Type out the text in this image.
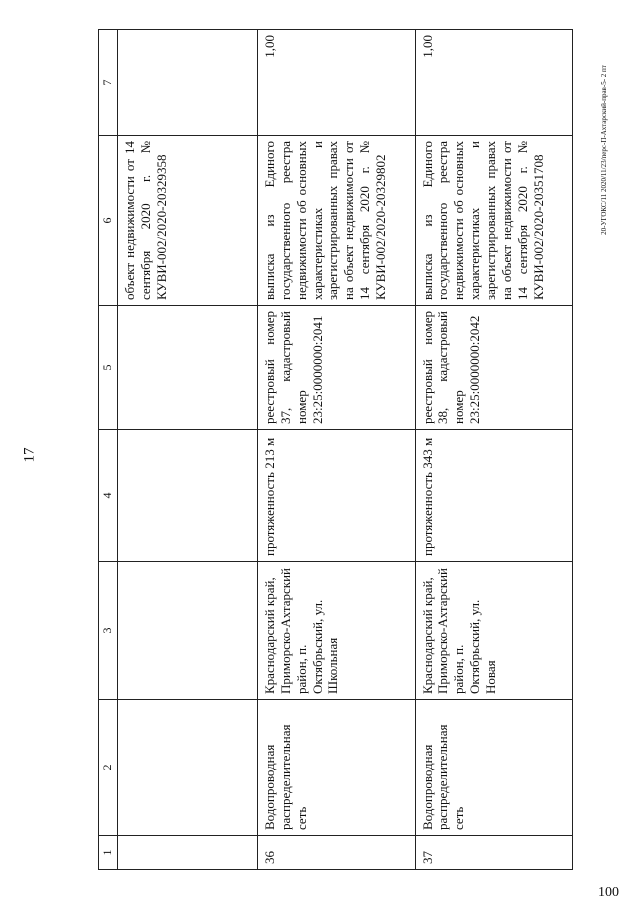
17
20-УГОКС/11 2020/11/23/перс-П-Ахтарский-прав-5- 2 пт
100
1	2	3	4	5	6	7
					объект недвижимости от 14 сентября 2020 г. № КУВИ-002/2020-20329358	
36	Водопроводная распределительная сеть	Краснодарский край, Приморско-Ахтарский район, п. Октябрьский, ул. Школьная	протяженность 213 м	реестровый номер 37, кадастровый номер 23:25:0000000:2041	выписка из Единого государственного реестра недвижимости об основных характеристиках и зарегистрированных правах на объект недвижимости от 14 сентября 2020 г. № КУВИ-002/2020-20329802	1,00
37	Водопроводная распределительная сеть	Краснодарский край, Приморско-Ахтарский район, п. Октябрьский, ул. Новая	протяженность 343 м	реестровый номер 38, кадастровый номер 23:25:0000000:2042	выписка из Единого государственного реестра недвижимости об основных характеристиках и зарегистрированных правах на объект недвижимости от 14 сентября 2020 г. № КУВИ-002/2020-20351708	1,00
